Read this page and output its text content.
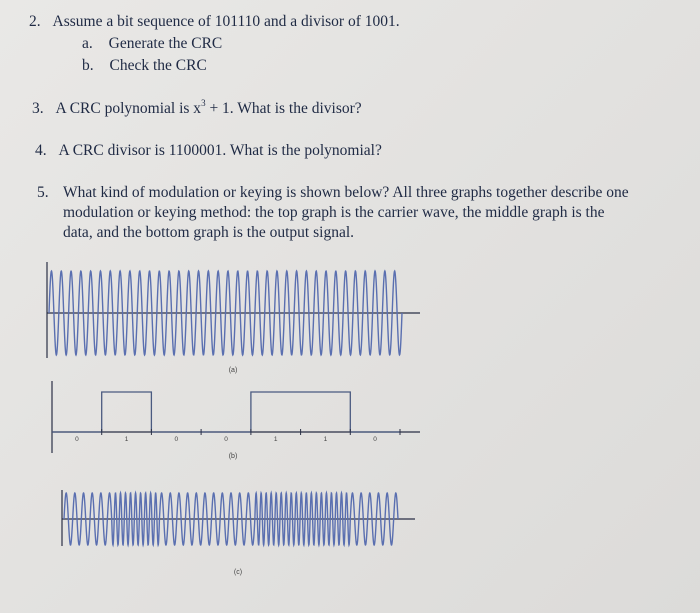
2. Assume a bit sequence of 101110 and a divisor of 1001.
a. Generate the CRC
b. Check the CRC
3. A CRC polynomial is $x^3 + 1$. What is the divisor?
4. A CRC divisor is 1100001. What is the polynomial?
5. What kind of modulation or keying is shown below? All three graphs together describe one
modulation or keying method: the top graph is the carrier wave, the middle graph is the
data, and the bottom graph is the output signal.
(a)
0	1	0	0	1	1	0
(b)
(c)
